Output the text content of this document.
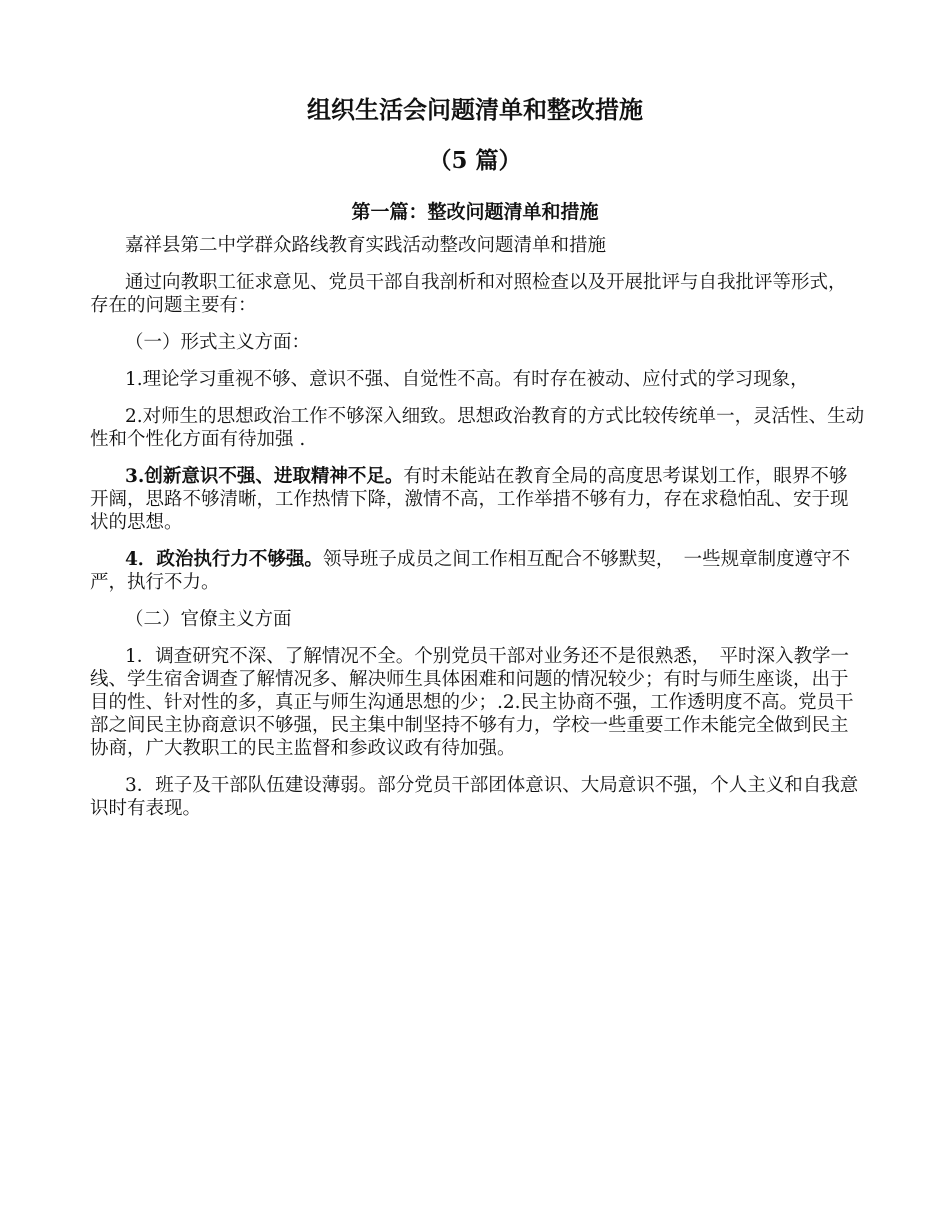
组织生活会问题清单和整改措施
（5 篇）
第一篇：整改问题清单和措施

嘉祥县第二中学群众路线教育实践活动整改问题清单和措施

通过向教职工征求意见、党员干部自我剖析和对照检查以及开展批评与自我批评等形式，　存在的问题主要有：

（一）形式主义方面：

1.理论学习重视不够、意识不强、自觉性不高。有时存在被动、应付式的学习现象，

2.对师生的思想政治工作不够深入细致。思想政治教育的方式比较传统单一，灵活性、生动性和个性化方面有待加强 .

3.创新意识不强、进取精神不足。有时未能站在教育全局的高度思考谋划工作，眼界不够开阔，思路不够清晰，工作热情下降，激情不高，工作举措不够有力，存在求稳怕乱、安于现状的思想。

4．政治执行力不够强。领导班子成员之间工作相互配合不够默契，　一些规章制度遵守不严，执行不力。

（二）官僚主义方面

1．调查研究不深、了解情况不全。个别党员干部对业务还不是很熟悉，　平时深入教学一线、学生宿舍调查了解情况多、解决师生具体困难和问题的情况较少；有时与师生座谈，出于目的性、针对性的多，真正与师生沟通思想的少；.2.民主协商不强，工作透明度不高。党员干部之间民主协商意识不够强，民主集中制坚持不够有力，学校一些重要工作未能完全做到民主协商，广大教职工的民主监督和参政议政有待加强。

3．班子及干部队伍建设薄弱。部分党员干部团体意识、大局意识不强，个人主义和自我意识时有表现。
